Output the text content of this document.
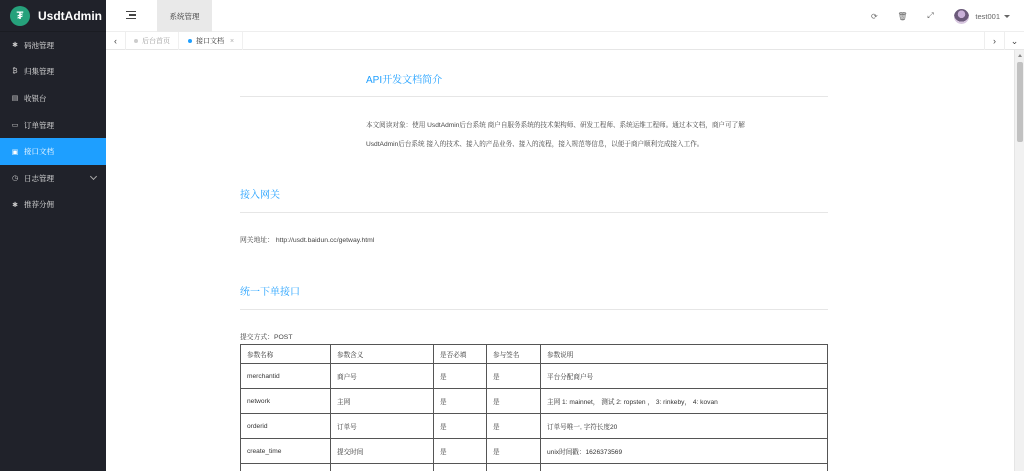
₮	UsdtAdmin
✱ 码池管理
₿ 归集管理
▤ 收银台
▭ 订单管理
▣ 接口文档
◷ 日志管理
✱ 推荐分佣
系统管理	⟳	🗑	⤢	test001
‹	后台首页	接口文档 ×	›	⌄
API开发文档简介
本文阅读对象：使用 UsdtAdmin后台系统 商户自服务系统的技术架构师、研发工程师、系统运维工程师。通过本文档，商户可了解
UsdtAdmin后台系统 接入的技术、接入的产品业务、接入的流程，接入规范等信息，以便于商户顺利完成接入工作。
接入网关
网关地址： http://usdt.baidun.cc/getway.html
统一下单接口
提交方式：POST
参数名称	参数含义	是否必填	参与签名	参数说明
merchantid	商户号	是	是	平台分配商户号
network	主网	是	是	主网 1: mainnet， 测试 2: ropsten ， 3: rinkeby， 4: kovan
orderid	订单号	是	是	订单号唯一, 字符长度20
create_time	提交时间	是	是	unix时间戳：1626373569
